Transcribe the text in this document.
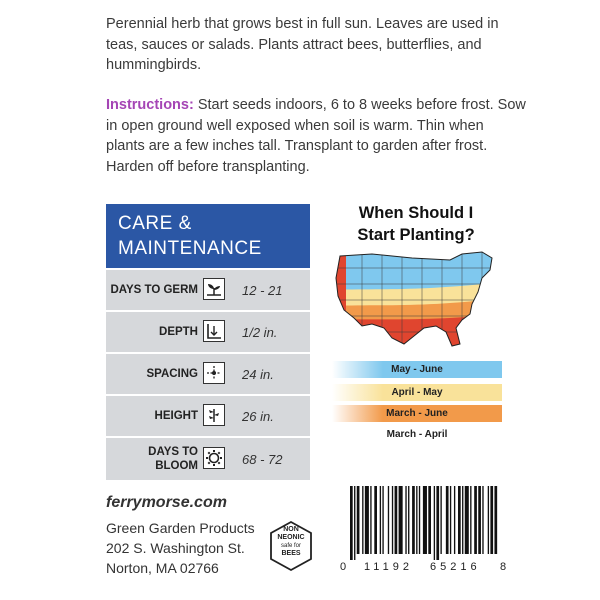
Perennial herb that grows best in full sun. Leaves are used in teas, sauces or salads. Plants attract bees, butterflies, and hummingbirds.
Instructions: Start seeds indoors, 6 to 8 weeks before frost. Sow in open ground well exposed when soil is warm. Thin when plants are a few inches tall. Transplant to garden after frost. Harden off before transplanting.
CARE &
MAINTENANCE
DAYS TO GERM	12 - 21
DEPTH	1/2 in.
SPACING	24 in.
HEIGHT	26 in.
DAYS TO BLOOM	68 - 72
When Should I Start Planting?
May - June
April - May
March - June
March - April
ferrymorse.com
Green Garden Products
202 S. Washington St.
Norton, MA 02766
NON
NEONIC
safe for
BEES
0 11192 65216 8
